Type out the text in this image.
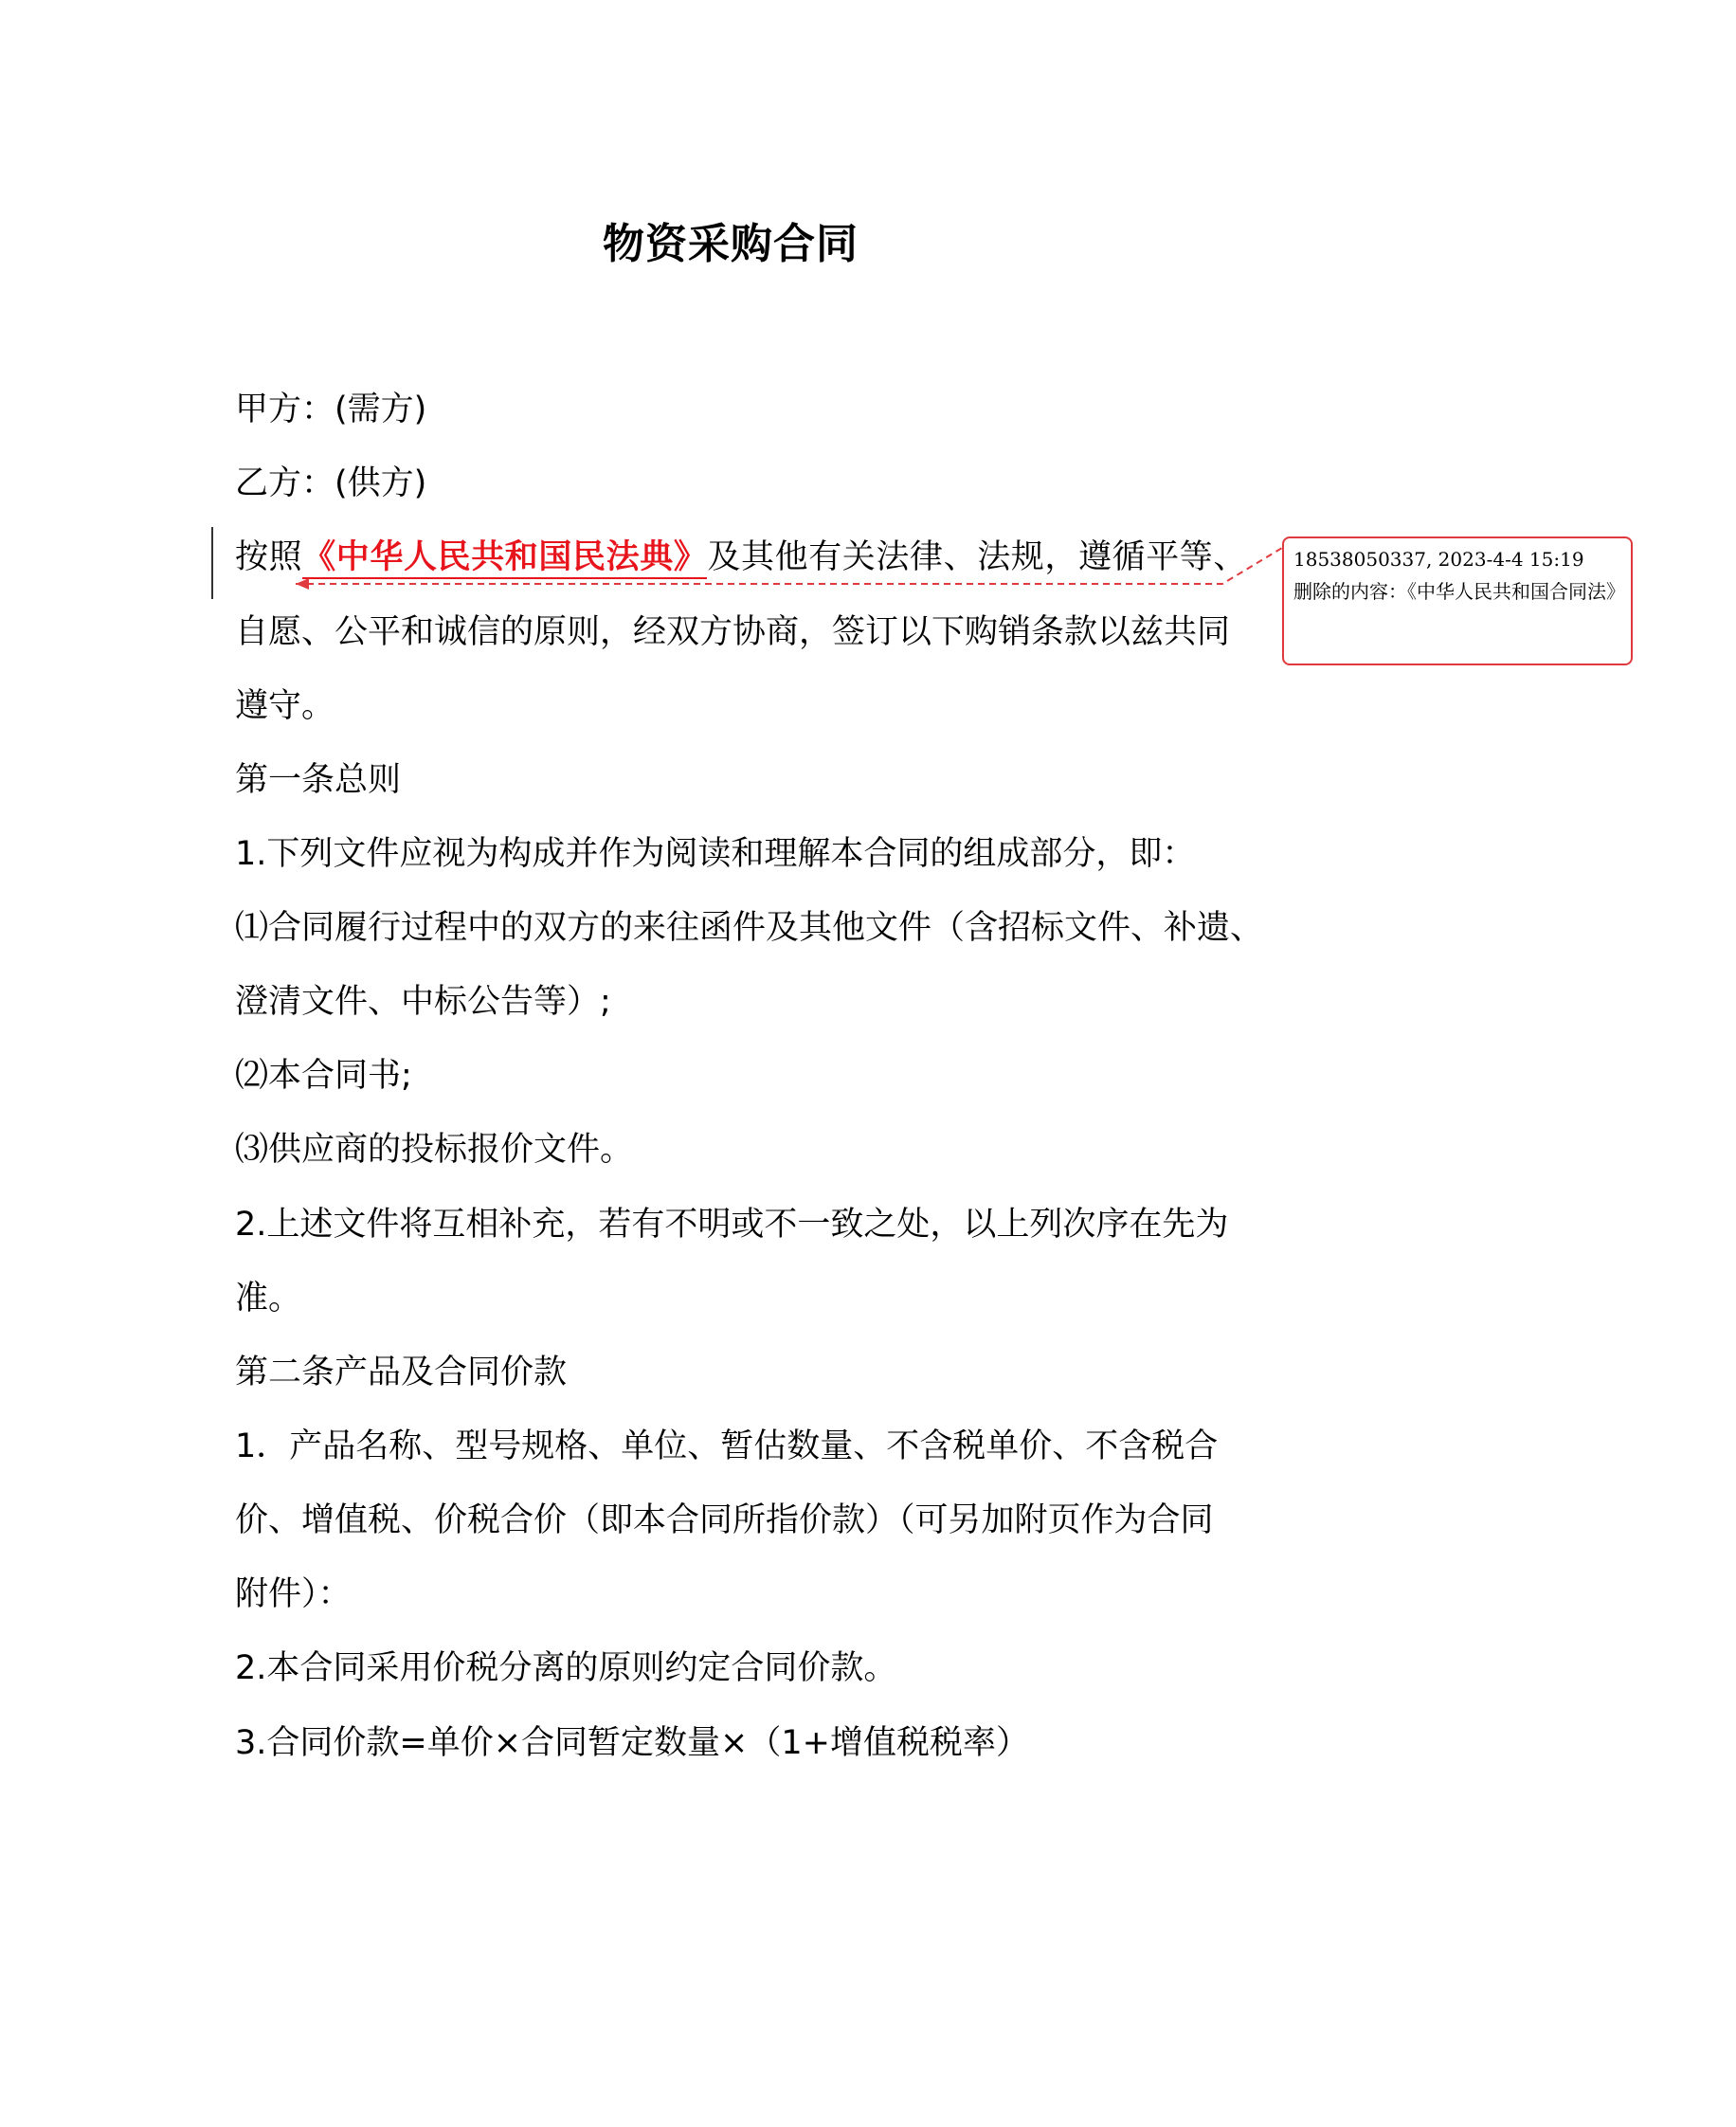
物资采购合同
甲方：(需方)
乙方：(供方)
按照《中华人民共和国民法典》及其他有关法律、法规，遵循平等、
自愿、公平和诚信的原则，经双方协商，签订以下购销条款以兹共同
遵守。
第一条总则
1.下列文件应视为构成并作为阅读和理解本合同的组成部分，即：
⑴合同履行过程中的双方的来往函件及其他文件（含招标文件、补遗、
澄清文件、中标公告等）;
⑵本合同书;
⑶供应商的投标报价文件。
2.上述文件将互相补充，若有不明或不一致之处，以上列次序在先为
准。
第二条产品及合同价款
1．产品名称、型号规格、单位、暂估数量、不含税单价、不含税合
价、增值税、价税合价（即本合同所指价款）（可另加附页作为合同
附件）：
2.本合同采用价税分离的原则约定合同价款。
3.合同价款=单价×合同暂定数量×（1+增值税税率）
18538050337, 2023-4-4 15:19
删除的内容：《中华人民共和国合同法》
